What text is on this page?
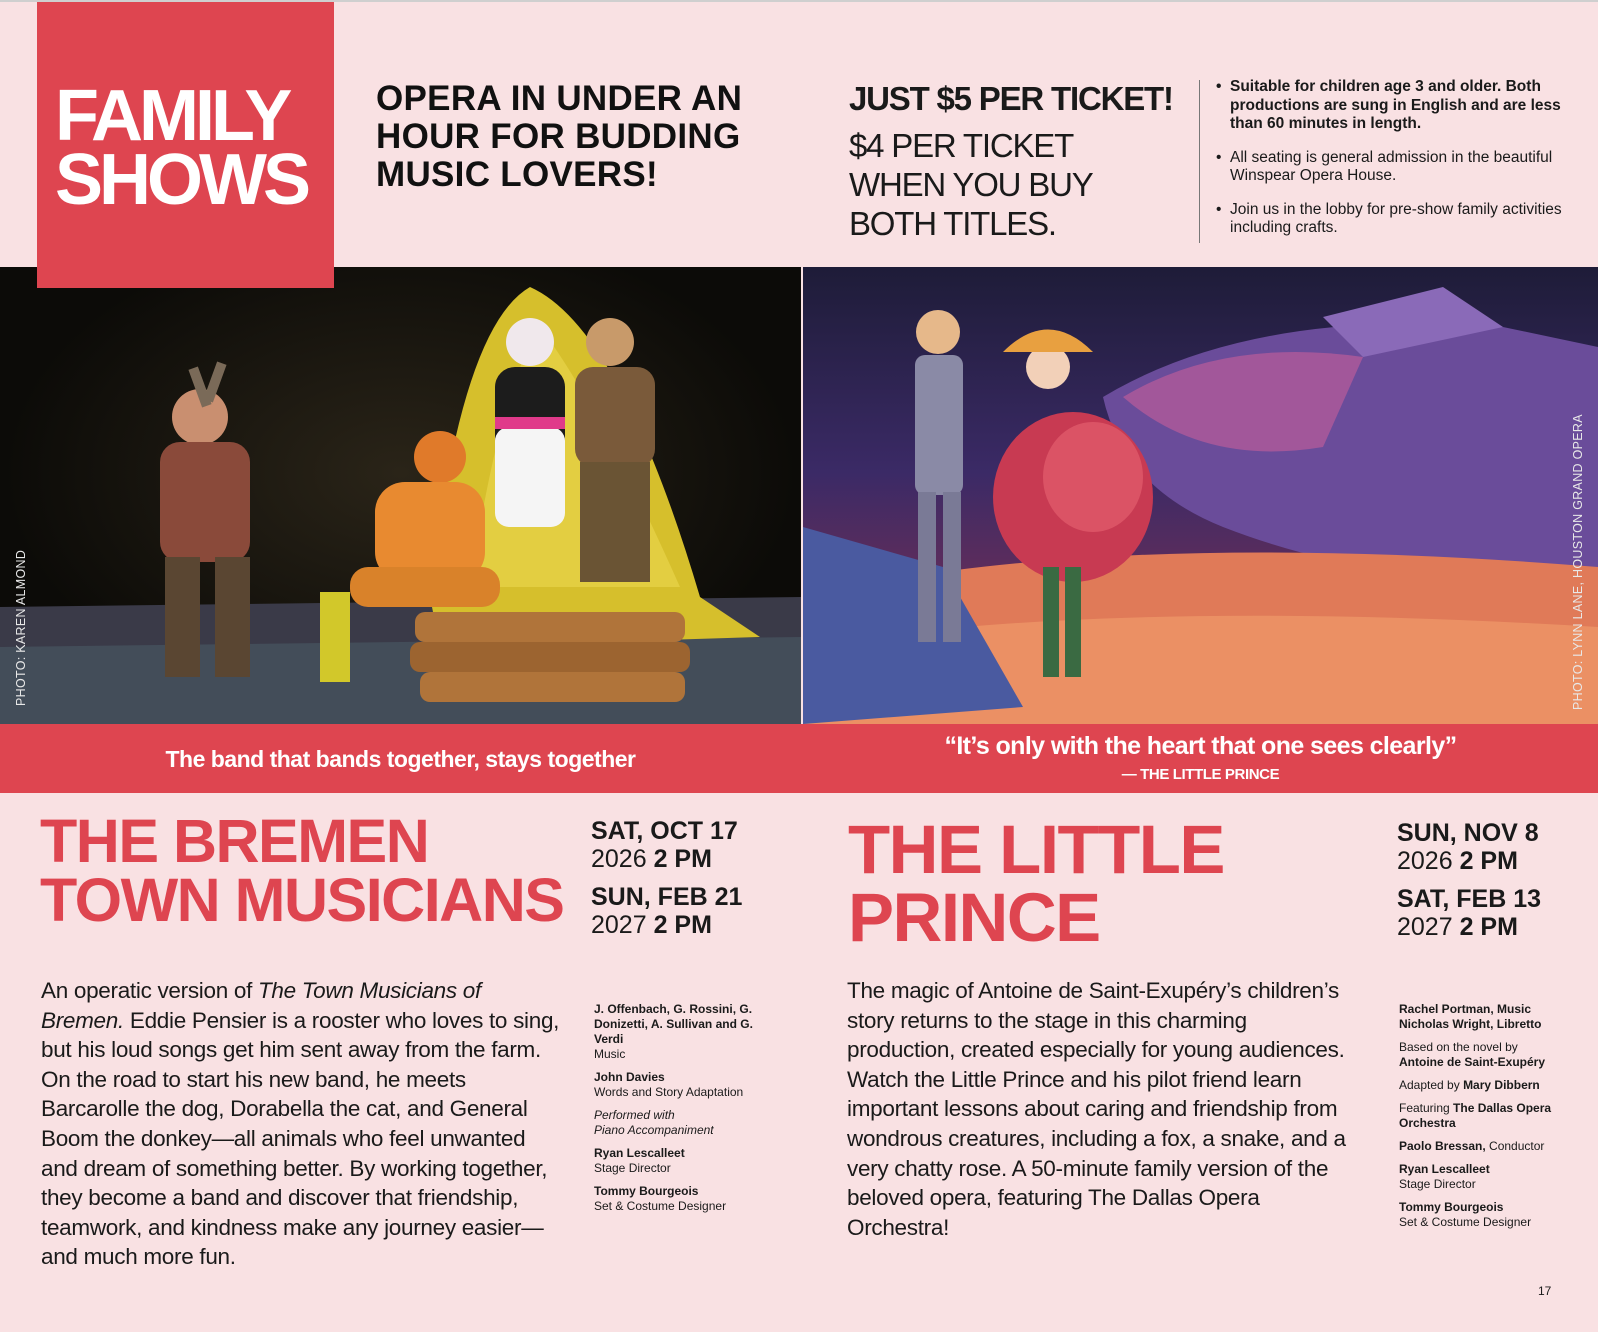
FAMILY
SHOWS
OPERA IN UNDER AN HOUR FOR BUDDING MUSIC LOVERS!
JUST $5 PER TICKET!
$4 PER TICKET WHEN YOU BUY BOTH TITLES.
• Suitable for children age 3 and older. Both productions are sung in English and are less than 60 minutes in length.
• All seating is general admission in the beautiful Winspear Opera House.
• Join us in the lobby for pre-show family activities including crafts.
PHOTO: KAREN ALMOND	PHOTO: LYNN LANE, HOUSTON GRAND OPERA
The band that bands together, stays together	“It’s only with the heart that one sees clearly”
— THE LITTLE PRINCE
THE BREMEN TOWN MUSICIANS
SAT, OCT 17
2026 2 PM
SUN, FEB 21
2027 2 PM
An operatic version of The Town Musicians of Bremen. Eddie Pensier is a rooster who loves to sing, but his loud songs get him sent away from the farm. On the road to start his new band, he meets Barcarolle the dog, Dorabella the cat, and General Boom the donkey—all animals who feel unwanted and dream of something better. By working together, they become a band and discover that friendship, teamwork, and kindness make any journey easier—and much more fun.
J. Offenbach, G. Rossini, G. Donizetti, A. Sullivan and G. Verdi
Music
John Davies
Words and Story Adaptation
Performed with
Piano Accompaniment
Ryan Lescalleet
Stage Director
Tommy Bourgeois
Set & Costume Designer
THE LITTLE PRINCE
SUN, NOV 8
2026 2 PM
SAT, FEB 13
2027 2 PM
The magic of Antoine de Saint-Exupéry’s children’s story returns to the stage in this charming production, created especially for young audiences. Watch the Little Prince and his pilot friend learn important lessons about caring and friendship from wondrous creatures, including a fox, a snake, and a very chatty rose. A 50-minute family version of the beloved opera, featuring The Dallas Opera Orchestra!
Rachel Portman, Music
Nicholas Wright, Libretto
Based on the novel by
Antoine de Saint-Exupéry
Adapted by Mary Dibbern
Featuring The Dallas Opera Orchestra
Paolo Bressan, Conductor
Ryan Lescalleet
Stage Director
Tommy Bourgeois
Set & Costume Designer
17
